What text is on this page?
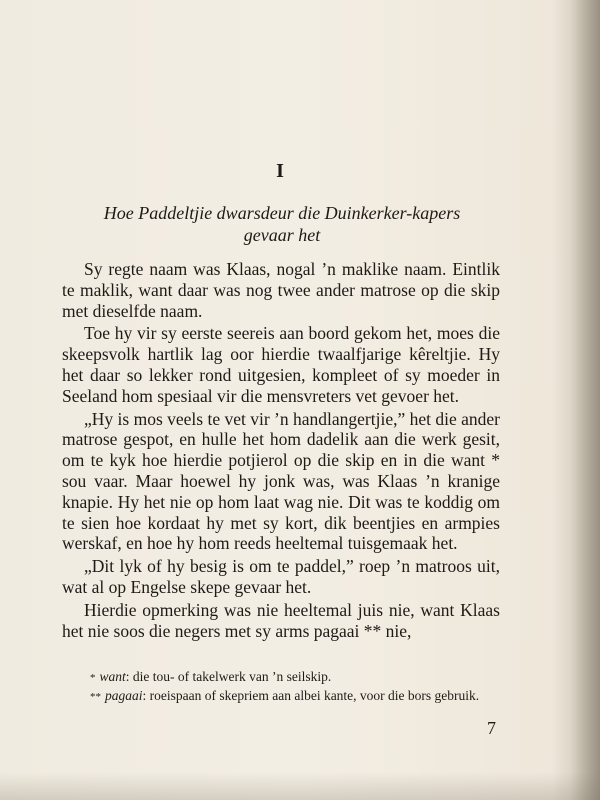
I
Hoe Paddeltjie dwarsdeur die Duinkerker-kapers gevaar het

Sy regte naam was Klaas, nogal ’n maklike naam. Eintlik te maklik, want daar was nog twee ander matrose op die skip met dieselfde naam.

Toe hy vir sy eerste seereis aan boord gekom het, moes die skeepsvolk hartlik lag oor hierdie twaalfjarige kêreltjie. Hy het daar so lekker rond uitgesien, kompleet of sy moeder in Seeland hom spesiaal vir die mensvreters vet gevoer het.

„Hy is mos veels te vet vir ’n handlangertjie,” het die ander matrose gespot, en hulle het hom dadelik aan die werk gesit, om te kyk hoe hierdie potjierol op die skip en in die want * sou vaar. Maar hoewel hy jonk was, was Klaas ’n kranige knapie. Hy het nie op hom laat wag nie. Dit was te koddig om te sien hoe kordaat hy met sy kort, dik beentjies en armpies werskaf, en hoe hy hom reeds heeltemal tuisgemaak het.

„Dit lyk of hy besig is om te paddel,” roep ’n matroos uit, wat al op Engelse skepe gevaar het.

Hierdie opmerking was nie heeltemal juis nie, want Klaas het nie soos die negers met sy arms pagaai ** nie,

* want: die tou- of takelwerk van ’n seilskip.

** pagaai: roeispaan of skepriem aan albei kante, voor die bors gebruik.

7
